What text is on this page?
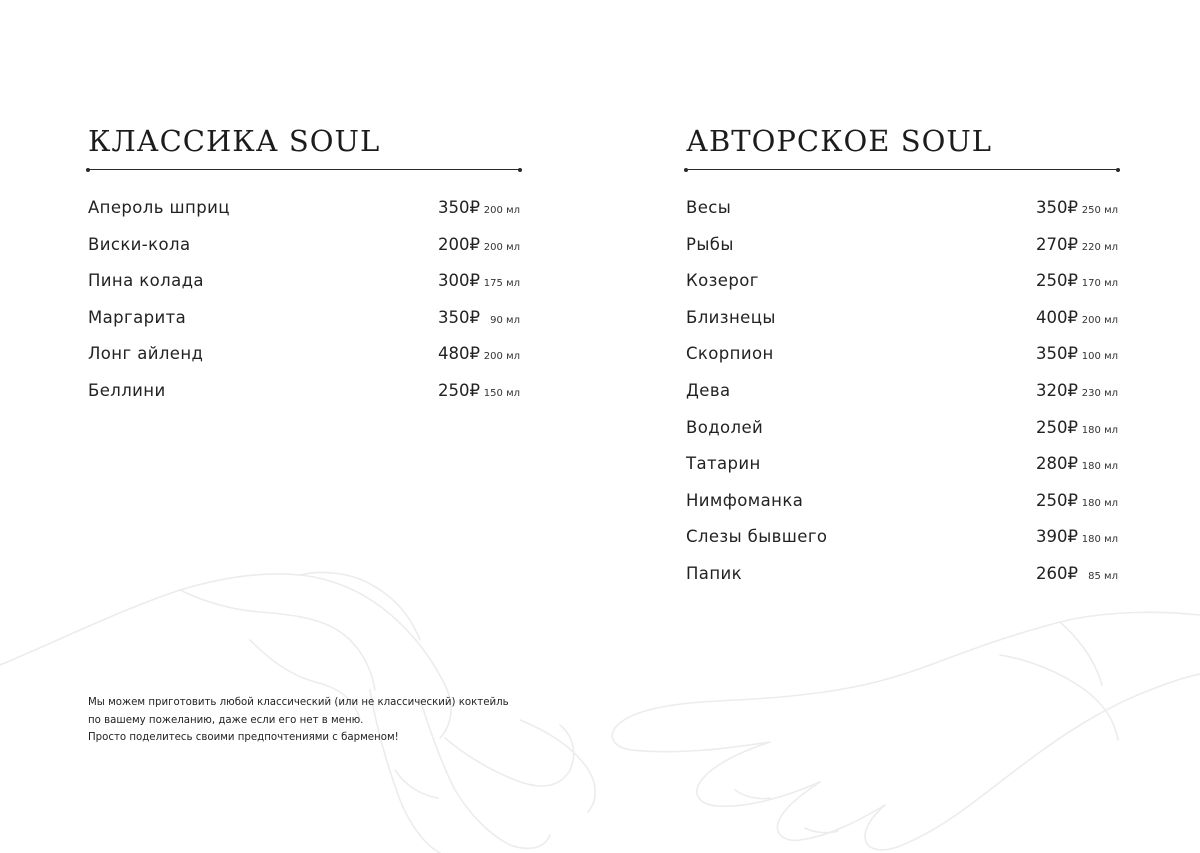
КЛАССИКА SOUL
Апероль шприц	350₽ 200 мл
Виски-кола	200₽ 200 мл
Пина колада	300₽ 175 мл
Маргарита	350₽	90 мл
Лонг айленд	480₽ 200 мл
Беллини	250₽ 150 мл
АВТОРСКОЕ SOUL
Весы	350₽ 250 мл
Рыбы	270₽ 220 мл
Козерог	250₽ 170 мл
Близнецы	400₽ 200 мл
Скорпион	350₽ 100 мл
Дева	320₽ 230 мл
Водолей	250₽ 180 мл
Татарин	280₽ 180 мл
Нимфоманка	250₽ 180 мл
Слезы бывшего	390₽ 180 мл
Папик	260₽	85 мл
Мы можем приготовить любой классический (или не классический) коктейль
по вашему пожеланию, даже если его нет в меню.
Просто поделитесь своими предпочтениями с барменом!
